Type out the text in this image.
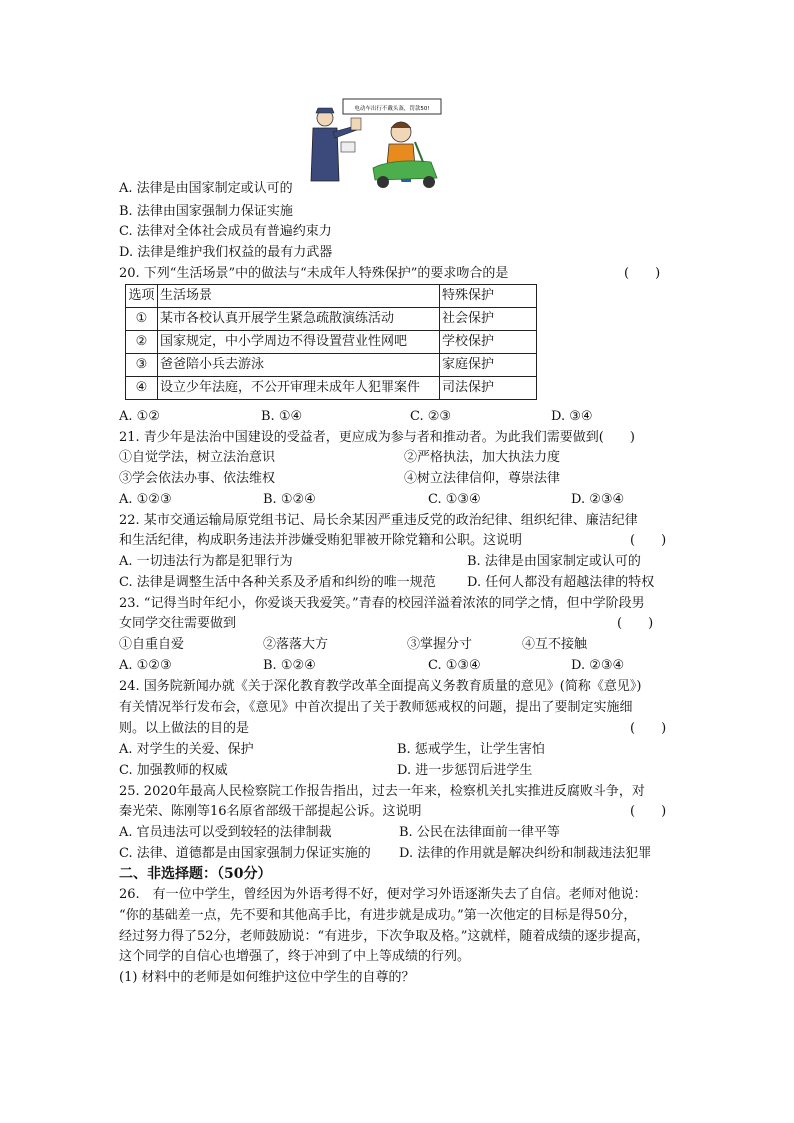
电动车出行不戴头盔，罚款50!
A. 法律是由国家制定或认可的
B. 法律由国家强制力保证实施
C. 法律对全体社会成员有普遍约束力
D. 法律是维护我们权益的最有力武器
20. 下列“生活场景”中的做法与“未成年人特殊保护”的要求吻合的是	(　　)
选项	生活场景	特殊保护
①	某市各校认真开展学生紧急疏散演练活动	社会保护
②	国家规定，中小学周边不得设置营业性网吧	学校保护
③	爸爸陪小兵去游泳	家庭保护
④	设立少年法庭，不公开审理未成年人犯罪案件	司法保护
A. ①②	B. ①④	C. ②③	D. ③④
21. 青少年是法治中国建设的受益者，更应成为参与者和推动者。为此我们需要做到(　　)
①自觉学法，树立法治意识	②严格执法，加大执法力度
③学会依法办事、依法维权	④树立法律信仰，尊崇法律
A. ①②③	B. ①②④	C. ①③④	D. ②③④
22. 某市交通运输局原党组书记、局长余某因严重违反党的政治纪律、组织纪律、廉洁纪律
和生活纪律，构成职务违法并涉嫌受贿犯罪被开除党籍和公职。这说明	(　　)
A. 一切违法行为都是犯罪行为	B. 法律是由国家制定或认可的
C. 法律是调整生活中各种关系及矛盾和纠纷的唯一规范 D. 任何人都没有超越法律的特权
23. “记得当时年纪小，你爱谈天我爱笑。”青春的校园洋溢着浓浓的同学之情，但中学阶段男
女同学交往需要做到	(　　)
①自重自爱	②落落大方	③掌握分寸	④互不接触
A. ①②③	B. ①②④	C. ①③④	D. ②③④
24. 国务院新闻办就《关于深化教育教学改革全面提高义务教育质量的意见》(简称《意见》)
有关情况举行发布会，《意见》中首次提出了关于教师惩戒权的问题，提出了要制定实施细
则。以上做法的目的是	(　　)
A. 对学生的关爱、保护	B. 惩戒学生，让学生害怕
C. 加强教师的权威	D. 进一步惩罚后进学生
25. 2020年最高人民检察院工作报告指出，过去一年来，检察机关扎实推进反腐败斗争，对
秦光荣、陈刚等16名原省部级干部提起公诉。这说明	(　　)
A. 官员违法可以受到较轻的法律制裁	B. 公民在法律面前一律平等
C. 法律、道德都是由国家强制力保证实施的 D. 法律的作用就是解决纠纷和制裁违法犯罪
二、非选择题：（50分）
26.　有一位中学生，曾经因为外语考得不好，便对学习外语逐渐失去了自信。老师对他说：
“你的基础差一点，先不要和其他高手比，有进步就是成功。”第一次他定的目标是得50分，
经过努力得了52分，老师鼓励说：“有进步，下次争取及格。”这就样，随着成绩的逐步提高，
这个同学的自信心也增强了，终于冲到了中上等成绩的行列。
(1) 材料中的老师是如何维护这位中学生的自尊的？
